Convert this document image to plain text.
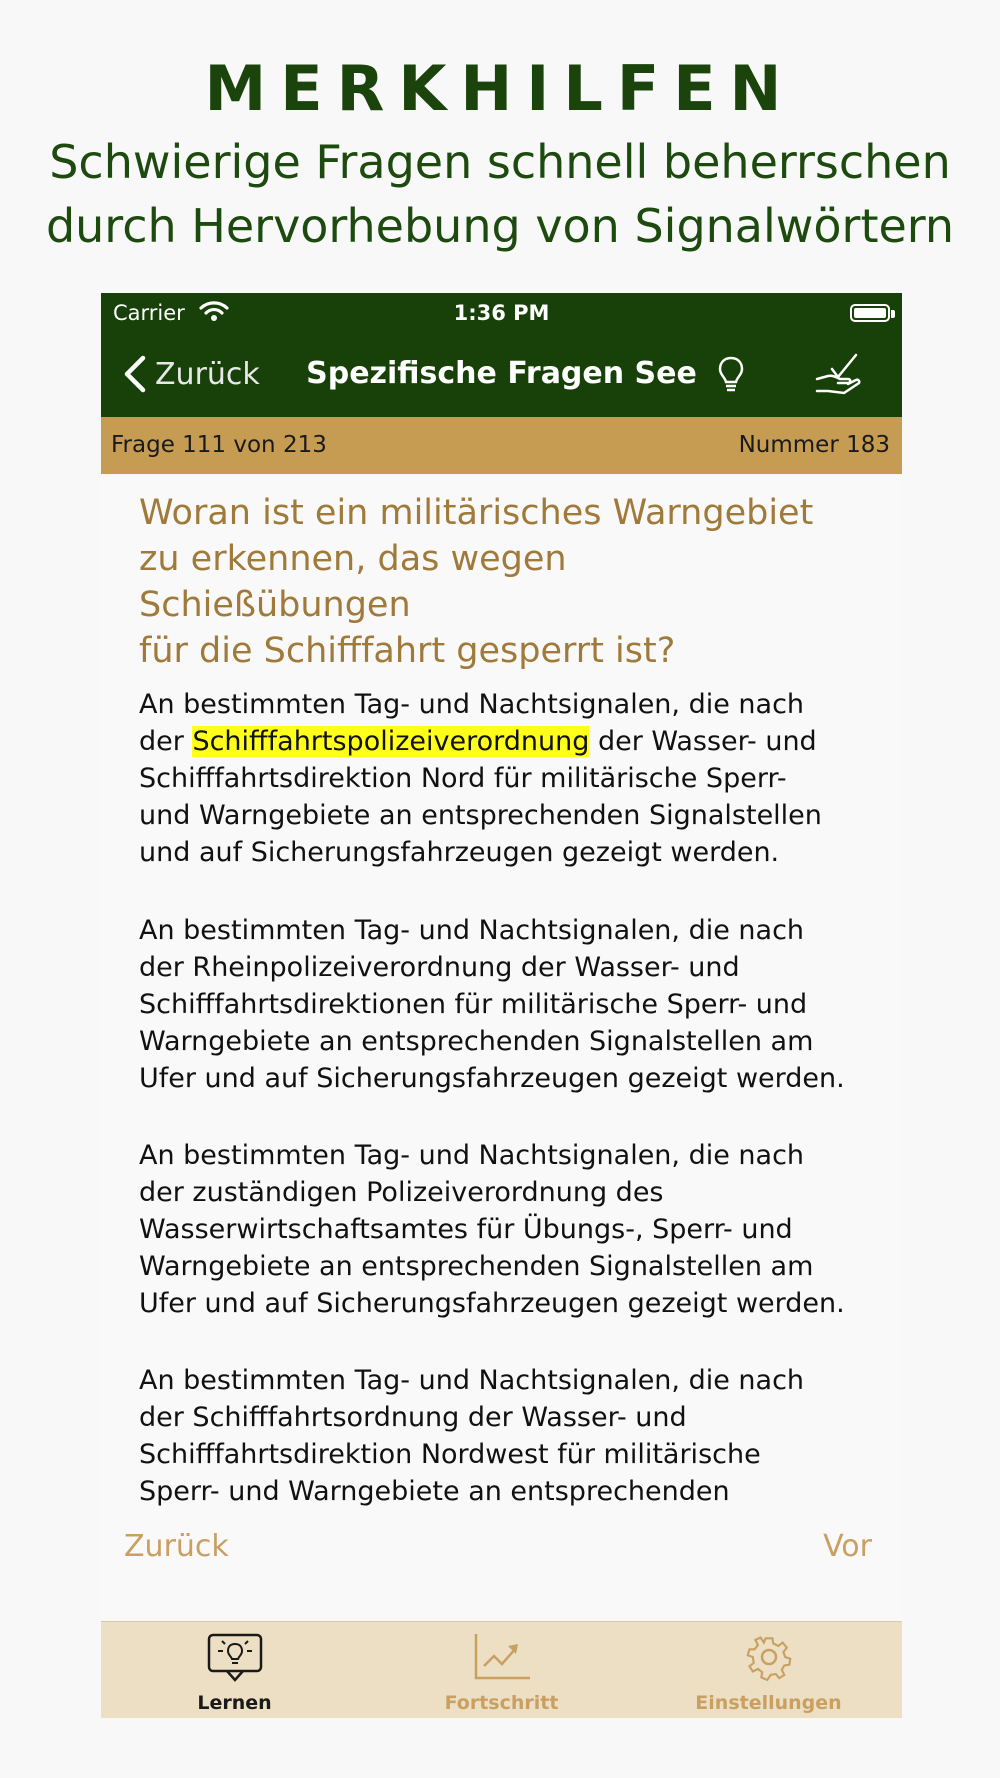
MERKHILFEN
Schwierige Fragen schnell beherrschen
durch Hervorhebung von Signalwörtern
Carrier	1:36 PM
Zurück	Spezifische Fragen See
Frage 111 von 213	Nummer 183
Woran ist ein militärisches Warngebiet
zu erkennen, das wegen Schießübungen
für die Schifffahrt gesperrt ist?
An bestimmten Tag- und Nachtsignalen, die nach
der Schifffahrtspolizeiverordnung der Wasser- und
Schifffahrtsdirektion Nord für militärische Sperr-
und Warngebiete an entsprechenden Signalstellen
und auf Sicherungsfahrzeugen gezeigt werden.
An bestimmten Tag- und Nachtsignalen, die nach
der Rheinpolizeiverordnung der Wasser- und
Schifffahrtsdirektionen für militärische Sperr- und
Warngebiete an entsprechenden Signalstellen am
Ufer und auf Sicherungsfahrzeugen gezeigt werden.
An bestimmten Tag- und Nachtsignalen, die nach
der zuständigen Polizeiverordnung des
Wasserwirtschaftsamtes für Übungs-, Sperr- und
Warngebiete an entsprechenden Signalstellen am
Ufer und auf Sicherungsfahrzeugen gezeigt werden.
An bestimmten Tag- und Nachtsignalen, die nach
der Schifffahrtsordnung der Wasser- und
Schifffahrtsdirektion Nordwest für militärische
Sperr- und Warngebiete an entsprechenden
Zurück	Vor
Lernen	Fortschritt	Einstellungen
